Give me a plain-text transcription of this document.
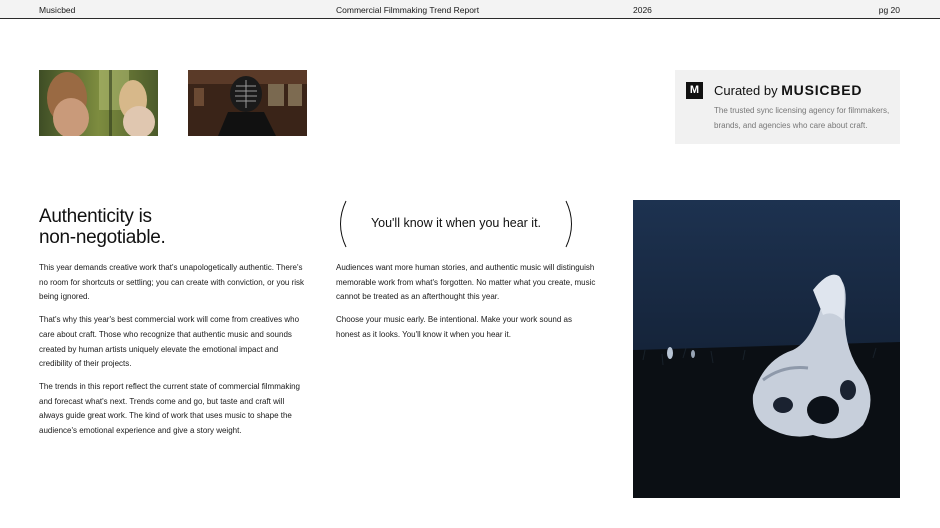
Musicbed	Commercial Filmmaking Trend Report	2026	pg 20
M	Curated by MUSICBED
The trusted sync licensing agency for filmmakers, brands, and agencies who care about craft.
Authenticity is
non-negotiable.
You'll know it when you hear it.

This year demands creative work that's unapologetically authentic. There's no room for shortcuts or settling; you can create with conviction, or you risk being ignored.

That's why this year's best commercial work will come from creatives who care about craft. Those who recognize that authentic music and sounds created by human artists uniquely elevate the emotional impact and credibility of their projects.

The trends in this report reflect the current state of commercial filmmaking and forecast what's next. Trends come and go, but taste and craft will always guide great work. The kind of work that uses music to shape the audience's emotional experience and give a story weight.

Audiences want more human stories, and authentic music will distinguish memorable work from what's forgotten. No matter what you create, music cannot be treated as an afterthought this year.

Choose your music early. Be intentional. Make your work sound as honest as it looks. You'll know it when you hear it.
